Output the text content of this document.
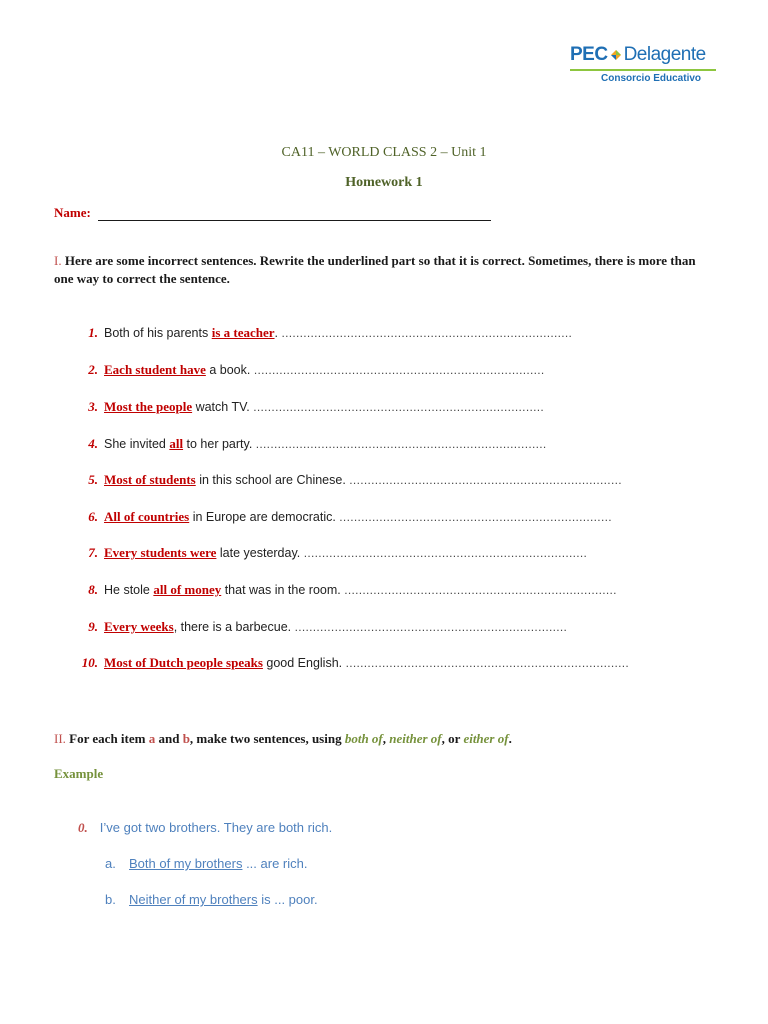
PEC Delagente
Consorcio Educativo
CA11 – WORLD CLASS 2 – Unit 1
Homework 1
Name:
I. Here are some incorrect sentences. Rewrite the underlined part so that it is correct. Sometimes, there is more than one way to correct the sentence.
1. Both of his parents is a teacher. ................................................................................
2. Each student have a book. ................................................................................
3. Most the people watch TV. ................................................................................
4. She invited all to her party. ................................................................................
5. Most of students in this school are Chinese. ...........................................................................
6. All of countries in Europe are democratic. ...........................................................................
7. Every students were late yesterday. ..............................................................................
8. He stole all of money that was in the room. ...........................................................................
9. Every weeks, there is a barbecue. ...........................................................................
10. Most of Dutch people speaks good English. ..............................................................................
II. For each item a and b, make two sentences, using both of, neither of, or either of.
Example
0. I’ve got two brothers. They are both rich.
a. Both of my brothers ... are rich.
b. Neither of my brothers is ... poor.
